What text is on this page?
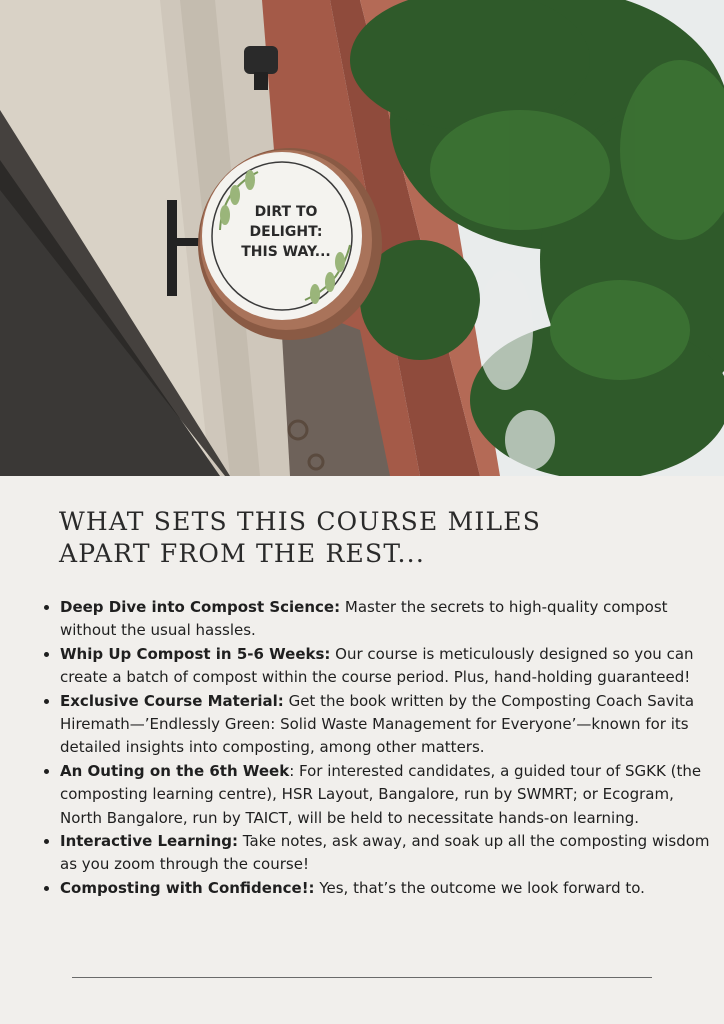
DIRT TO
DELIGHT:
THIS WAY...
WHAT SETS THIS COURSE MILES
APART FROM THE REST...
• Deep Dive into Compost Science: Master the secrets to high-quality compost without the usual hassles.
• Whip Up Compost in 5-6 Weeks: Our course is meticulously designed so you can create a batch of compost within the course period. Plus, hand-holding guaranteed!
• Exclusive Course Material: Get the book written by the Composting Coach Savita Hiremath—’Endlessly Green: Solid Waste Management for Everyone’—known for its detailed insights into composting, among other matters.
• An Outing on the 6th Week: For interested candidates, a guided tour of SGKK (the composting learning centre), HSR Layout, Bangalore, run by SWMRT; or Ecogram, North Bangalore, run by TAICT, will be held to necessitate hands-on learning.
• Interactive Learning: Take notes, ask away, and soak up all the composting wisdom as you zoom through the course!
• Composting with Confidence!: Yes, that’s the outcome we look forward to.
